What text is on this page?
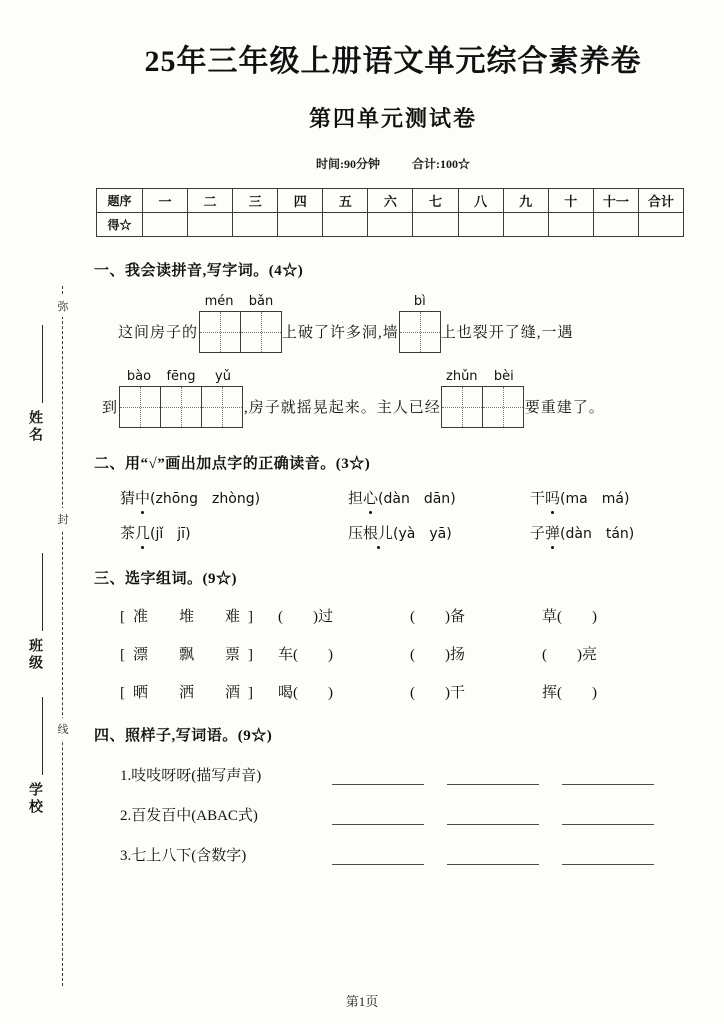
弥
封
线
姓名
班级
学校
25年三年级上册语文单元综合素养卷
第四单元测试卷

时间:90分钟	合计:100☆

题序	一	二	三	四	五	六	七	八	九	十	十一	合计
得☆												
一、我会读拼音,写字词。(4☆)
这间房子的
mén	bǎn
上破了许多洞,墙
bì
上也裂开了缝,一遇
到
bào	fēng	yǔ
,房子就摇晃起来。主人已经
zhǔn	bèi
要重建了。
二、用“√”画出加点字的正确读音。(3☆)
猜中(zhōng zhòng)	担心(dàn dān)	干吗(ma má)
茶几(jǐ jī)	压根儿(yà yā)	子弹(dàn tán)
三、选字组词。(9☆)
[准　堆　难]	(　　)过	(　　)备	草(　　)
[漂　飘　票]	车(　　)	(　　)扬	(　　)亮
[晒　洒　酒]	喝(　　)	(　　)干	挥(　　)
四、照样子,写词语。(9☆)
1.吱吱呀呀(描写声音)
2.百发百中(ABAC式)
3.七上八下(含数字)
第1页
